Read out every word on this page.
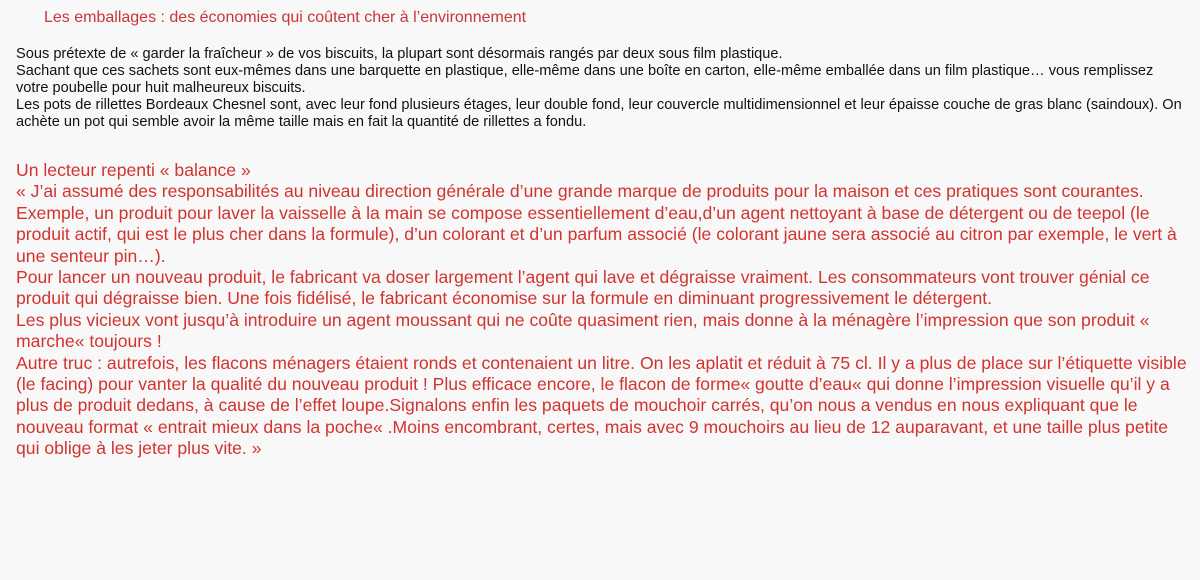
Les emballages : des économies qui coûtent cher à l’environnement

Sous prétexte de « garder la fraîcheur » de vos biscuits, la plupart sont désormais rangés par deux sous film plastique.

Sachant que ces sachets sont eux-mêmes dans une barquette en plastique, elle-même dans une boîte en carton, elle-même emballée dans un film plastique… vous remplissez votre poubelle pour huit malheureux biscuits.

Les pots de rillettes Bordeaux Chesnel sont, avec leur fond plusieurs étages, leur double fond, leur couvercle multidimensionnel et leur épaisse couche de gras blanc (saindoux). On achète un pot qui semble avoir la même taille mais en fait la quantité de rillettes a fondu.

Un lecteur repenti « balance »

« J’ai assumé des responsabilités au niveau direction générale d’une grande marque de produits pour la maison et ces pratiques sont courantes.

Exemple, un produit pour laver la vaisselle à la main se compose essentiellement d’eau,d’un agent nettoyant à base de détergent ou de teepol (le produit actif, qui est le plus cher dans la formule), d’un colorant et d’un parfum associé (le colorant jaune sera associé au citron par exemple, le vert à une senteur pin…).

Pour lancer un nouveau produit, le fabricant va doser largement l’agent qui lave et dégraisse vraiment. Les consommateurs vont trouver génial ce produit qui dégraisse bien. Une fois fidélisé, le fabricant économise sur la formule en diminuant progressivement le détergent.

Les plus vicieux vont jusqu’à introduire un agent moussant qui ne coûte quasiment rien, mais donne à la ménagère l’impression que son produit « marche« toujours !

Autre truc : autrefois, les flacons ménagers étaient ronds et contenaient un litre. On les aplatit et réduit à 75 cl. Il y a plus de place sur l’étiquette visible (le facing) pour vanter la qualité du nouveau produit ! Plus efficace encore, le flacon de forme« goutte d’eau« qui donne l’impression visuelle qu’il y a plus de produit dedans, à cause de l’effet loupe.Signalons enfin les paquets de mouchoir carrés, qu’on nous a vendus en nous expliquant que le nouveau format « entrait mieux dans la poche« .Moins encombrant, certes, mais avec 9 mouchoirs au lieu de 12 auparavant, et une taille plus petite qui oblige à les jeter plus vite. »
